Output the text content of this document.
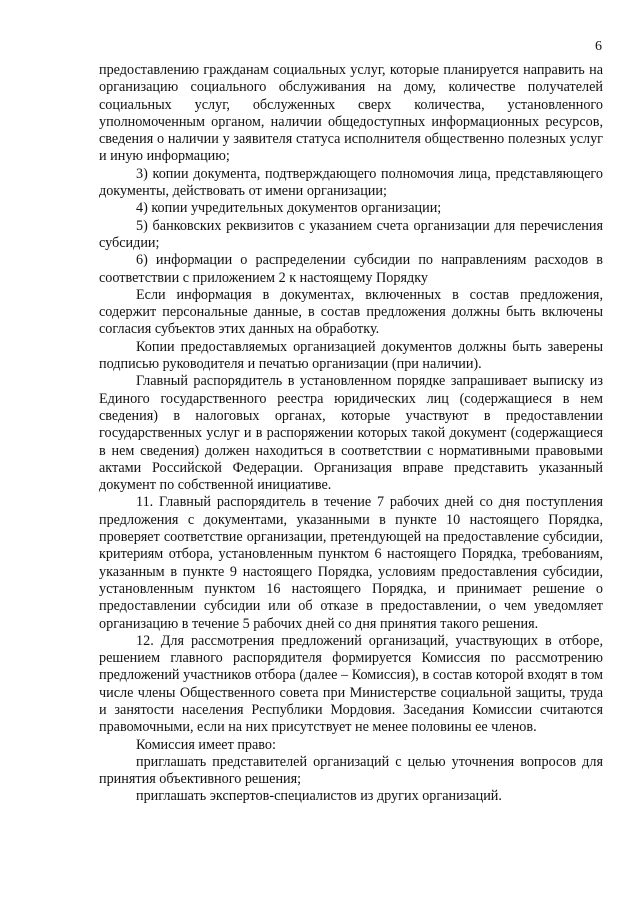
6

предоставлению гражданам социальных услуг, которые планируется направить на организацию социального обслуживания на дому, количестве получателей социальных услуг, обслуженных сверх количества, установленного уполномоченным органом, наличии общедоступных информационных ресурсов, сведения о наличии у заявителя статуса исполнителя общественно полезных услуг и иную информацию;

3) копии документа, подтверждающего полномочия лица, представляющего документы, действовать от имени организации;

4) копии учредительных документов организации;

5) банковских реквизитов с указанием счета организации для перечисления субсидии;

6) информации о распределении субсидии по направлениям расходов в соответствии с приложением 2 к настоящему Порядку

Если информация в документах, включенных в состав предложения, содержит персональные данные, в состав предложения должны быть включены согласия субъектов этих данных на обработку.

Копии предоставляемых организацией документов должны быть заверены подписью руководителя и печатью организации (при наличии).

Главный распорядитель в установленном порядке запрашивает выписку из Единого государственного реестра юридических лиц (содержащиеся в нем сведения) в налоговых органах, которые участвуют в предоставлении государственных услуг и в распоряжении которых такой документ (содержащиеся в нем сведения) должен находиться в соответствии с нормативными правовыми актами Российской Федерации. Организация вправе представить указанный документ по собственной инициативе.

11. Главный распорядитель в течение 7 рабочих дней со дня поступления предложения с документами, указанными в пункте 10 настоящего Порядка, проверяет соответствие организации, претендующей на предоставление субсидии, критериям отбора, установленным пунктом 6 настоящего Порядка, требованиям, указанным в пункте 9 настоящего Порядка, условиям предоставления субсидии, установленным пунктом 16 настоящего Порядка, и принимает решение о предоставлении субсидии или об отказе в предоставлении, о чем уведомляет организацию в течение 5 рабочих дней со дня принятия такого решения.

12. Для рассмотрения предложений организаций, участвующих в отборе, решением главного распорядителя формируется Комиссия по рассмотрению предложений участников отбора (далее – Комиссия), в состав которой входят в том числе члены Общественного совета при Министерстве социальной защиты, труда и занятости населения Республики Мордовия. Заседания Комиссии считаются правомочными, если на них присутствует не менее половины ее членов.

Комиссия имеет право:

приглашать представителей организаций с целью уточнения вопросов для принятия объективного решения;

приглашать экспертов-специалистов из других организаций.
